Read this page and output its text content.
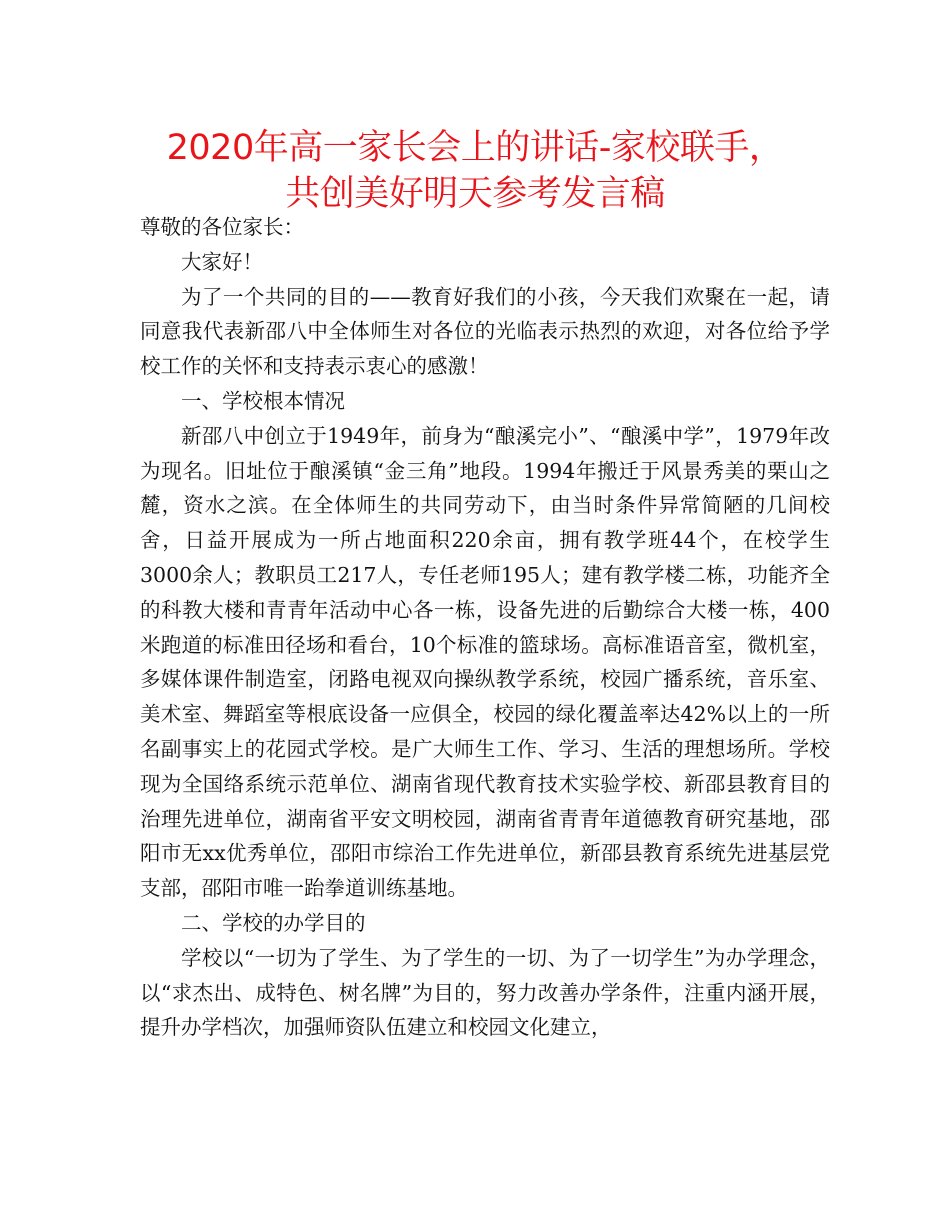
2020年高一家长会上的讲话-家校联手，
共创美好明天参考发言稿

尊敬的各位家长：

大家好！

为了一个共同的目的——教育好我们的小孩，今天我们欢聚在一起，请同意我代表新邵八中全体师生对各位的光临表示热烈的欢迎，对各位给予学校工作的关怀和支持表示衷心的感激！

一、学校根本情况

新邵八中创立于1949年，前身为“酿溪完小”、“酿溪中学”，1979年改为现名。旧址位于酿溪镇“金三角”地段。1994年搬迁于风景秀美的栗山之麓，资水之滨。在全体师生的共同劳动下，由当时条件异常简陋的几间校舍，日益开展成为一所占地面积220余亩，拥有教学班44个，在校学生3000余人；教职员工217人，专任老师195人；建有教学楼二栋，功能齐全的科教大楼和青青年活动中心各一栋，设备先进的后勤综合大楼一栋，400米跑道的标准田径场和看台，10个标准的篮球场。高标准语音室，微机室，多媒体课件制造室，闭路电视双向操纵教学系统，校园广播系统，音乐室、美术室、舞蹈室等根底设备一应俱全，校园的绿化覆盖率达42%以上的一所名副事实上的花园式学校。是广大师生工作、学习、生活的理想场所。学校现为全国络系统示范单位、湖南省现代教育技术实验学校、新邵县教育目的治理先进单位，湖南省平安文明校园，湖南省青青年道德教育研究基地，邵阳市无xx优秀单位，邵阳市综治工作先进单位，新邵县教育系统先进基层党支部，邵阳市唯一跆拳道训练基地。

二、学校的办学目的

学校以“一切为了学生、为了学生的一切、为了一切学生”为办学理念，以“求杰出、成特色、树名牌”为目的，努力改善办学条件，注重内涵开展，提升办学档次，加强师资队伍建立和校园文化建立，
